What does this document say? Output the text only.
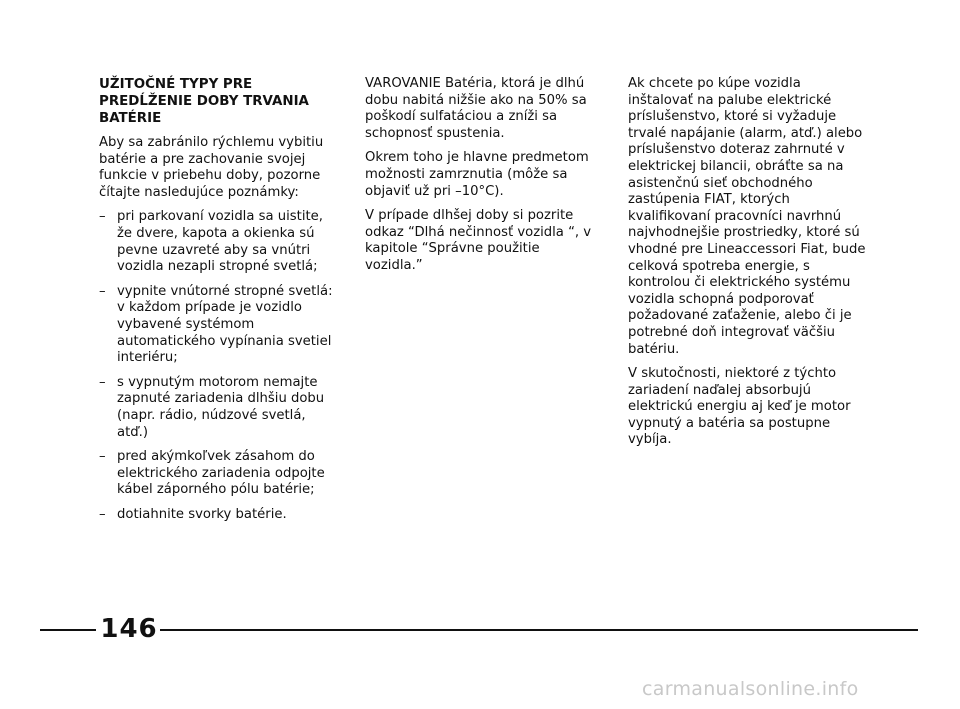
UŽITOČNÉ TYPY PRE
PREDĹŽENIE DOBY TRVANIA
BATÉRIE

Aby sa zabránilo rýchlemu vybitiu batérie a pre zachovanie svojej funkcie v priebehu doby, pozorne čítajte nasledujúce poznámky:

– pri parkovaní vozidla sa uistite, že dvere, kapota a okienka sú pevne uzavreté aby sa vnútri vozidla nezapli stropné svetlá;
– vypnite vnútorné stropné svetlá: v každom prípade je vozidlo vybavené systémom automatického vypínania svetiel interiéru;
– s vypnutým motorom nemajte zapnuté zariadenia dlhšiu dobu (napr. rádio, núdzové svetlá, atď.)
– pred akýmkoľvek zásahom do elektrického zariadenia odpojte kábel záporného pólu batérie;
– dotiahnite svorky batérie.

VAROVANIE Batéria, ktorá je dlhú dobu nabitá nižšie ako na 50% sa poškodí sulfatáciou a zníži sa schopnosť spustenia.

Okrem toho je hlavne predmetom možnosti zamrznutia (môže sa objaviť už pri –10°C).

V prípade dlhšej doby si pozrite odkaz “Dlhá nečinnosť vozidla “, v kapitole “Správne použitie vozidla.”

Ak chcete po kúpe vozidla inštalovať na palube elektrické príslušenstvo, ktoré si vyžaduje trvalé napájanie (alarm, atď.) alebo príslušenstvo doteraz zahrnuté v elektrickej bilancii, obráťte sa na asistenčnú sieť obchodného zastúpenia FIAT, ktorých kvalifikovaní pracovníci navrhnú najvhodnejšie prostriedky, ktoré sú vhodné pre Lineaccessori Fiat, bude celková spotreba energie, s kontrolou či elektrického systému vozidla schopná podporovať požadované zaťaženie, alebo či je potrebné doň integrovať väčšiu batériu.

V skutočnosti, niektoré z týchto zariadení naďalej absorbujú elektrickú energiu aj keď je motor vypnutý a batéria sa postupne vybíja.

146
carmanualsonline.info
